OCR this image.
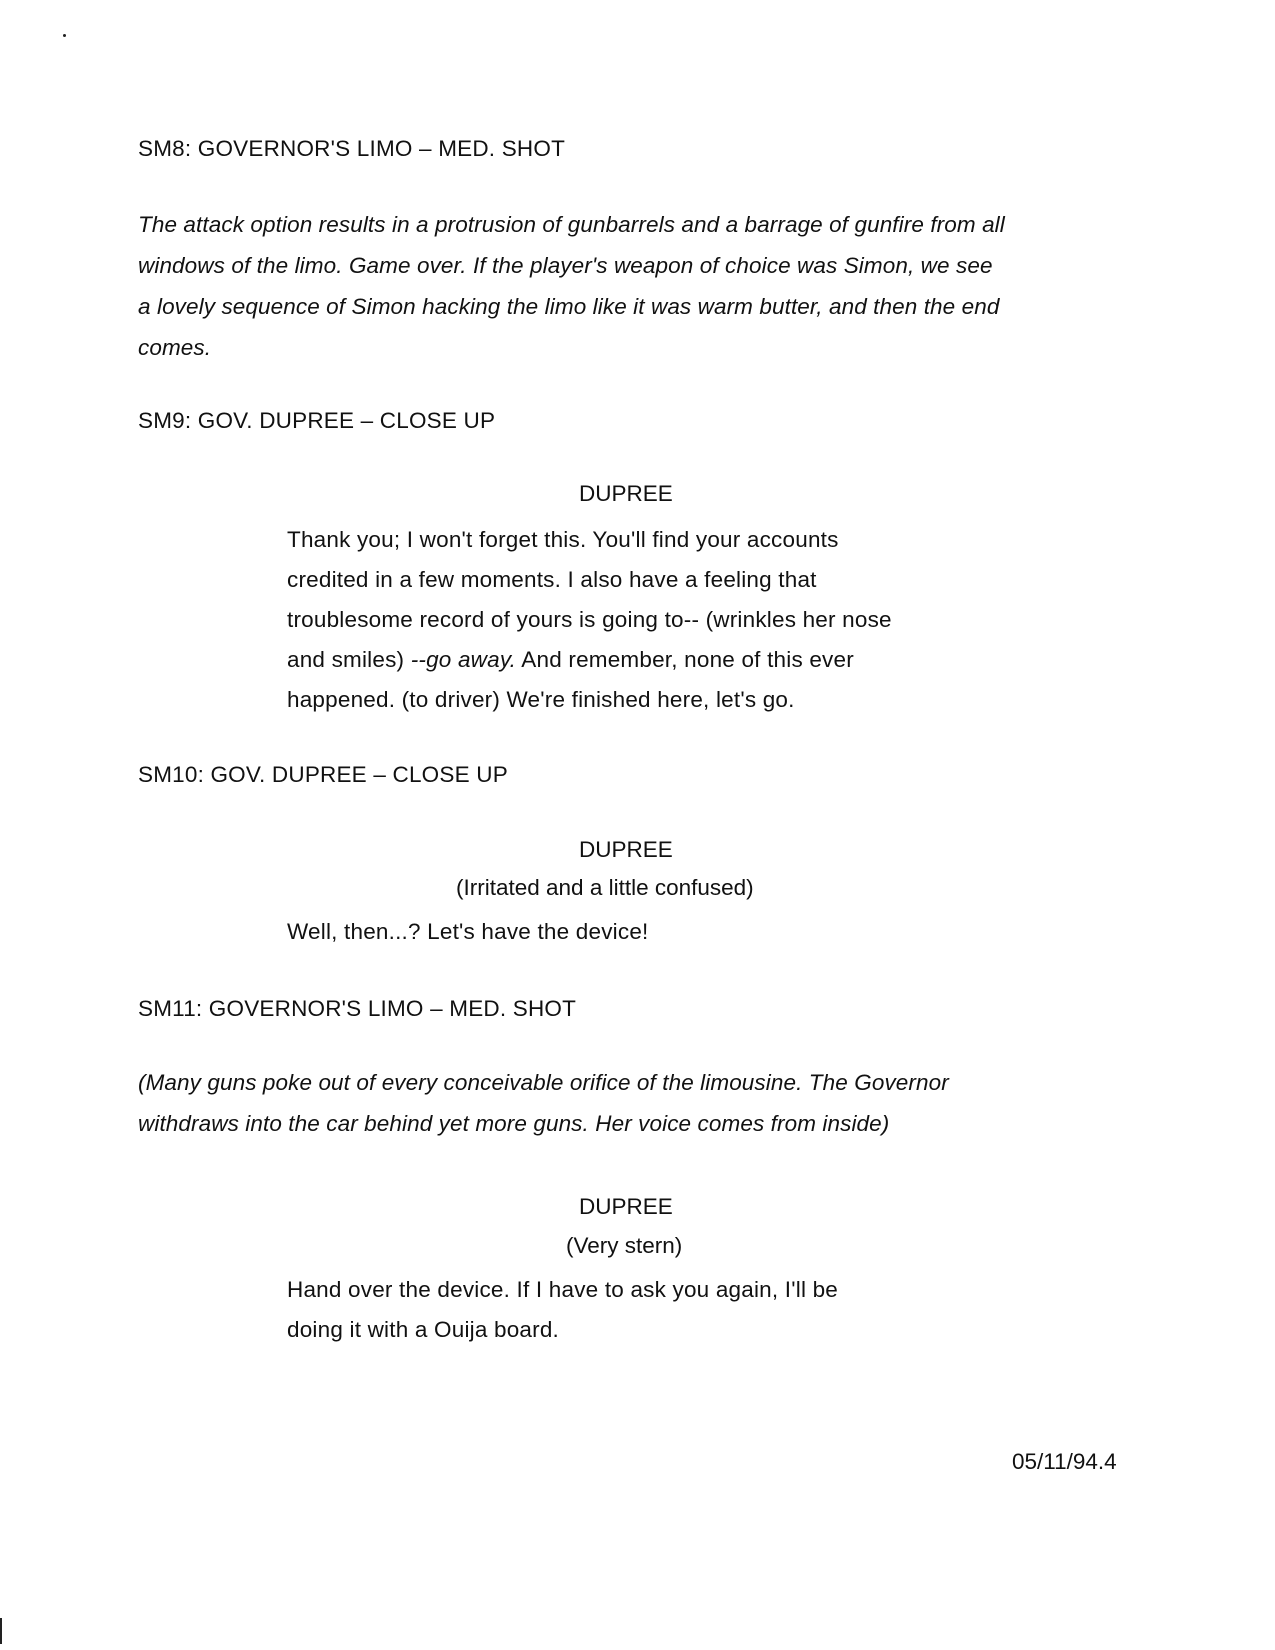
SM8: GOVERNOR'S LIMO – MED. SHOT

The attack option results in a protrusion of gunbarrels and a barrage of gunfire from all

windows of the limo. Game over. If the player's weapon of choice was Simon, we see

a lovely sequence of Simon hacking the limo like it was warm butter, and then the end

comes.

SM9: GOV. DUPREE – CLOSE UP
DUPREE

Thank you; I won't forget this. You'll find your accounts

credited in a few moments. I also have a feeling that

troublesome record of yours is going to-- (wrinkles her nose

and smiles) --go away. And remember, none of this ever

happened. (to driver) We're finished here, let's go.

SM10: GOV. DUPREE – CLOSE UP
DUPREE
(Irritated and a little confused)

Well, then...? Let's have the device!

SM11: GOVERNOR'S LIMO – MED. SHOT

(Many guns poke out of every conceivable orifice of the limousine. The Governor

withdraws into the car behind yet more guns. Her voice comes from inside)

DUPREE
(Very stern)

Hand over the device. If I have to ask you again, I'll be

doing it with a Ouija board.

05/11/94.4
